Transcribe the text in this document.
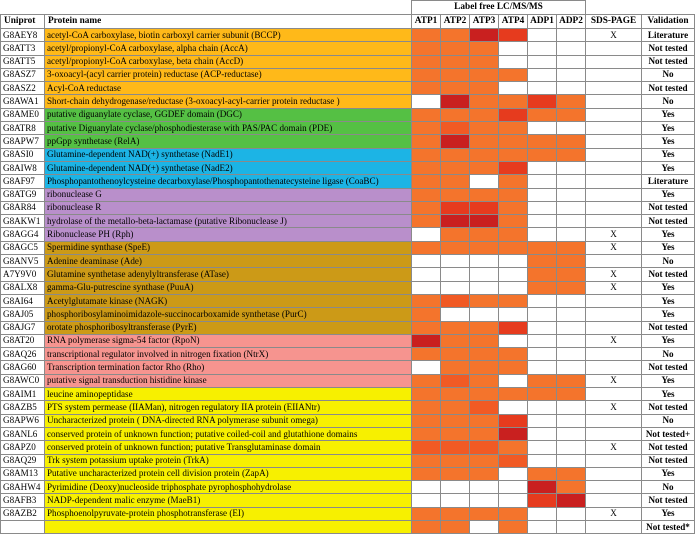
		Label free LC/MS/MS							
Uniprot	Protein name	ATP1	ATP2	ATP3	ATP4	ADP1	ADP2	SDS-PAGE	Validation
G8AEY8	acetyl-CoA carboxylase, biotin carboxyl carrier subunit (BCCP)							X	Literature
G8ATT3	acetyl/propionyl-CoA carboxylase, alpha chain (AccA)								Not tested
G8ATT5	acetyl/propionyl-CoA carboxylase, beta chain (AccD)								Not tested
G8ASZ7	3-oxoacyl-(acyl carrier protein) reductase (ACP-reductase)								No
G8ASZ2	Acyl-CoA reductase								Not tested
G8AWA1	Short-chain dehydrogenase/reductase (3-oxoacyl-acyl-carrier protein reductase )								No
G8AME0	putative diguanylate cyclase, GGDEF domain (DGC)								Yes
G8ATR8	putative Diguanylate cyclase/phosphodiesterase with PAS/PAC domain (PDE)								Yes
G8APW7	ppGpp synthetase (RelA)								Yes
G8ASI0	Glutamine-dependent NAD(+) synthetase (NadE1)								Yes
G8AIW8	Glutamine-dependent NAD(+) synthetase (NadE2)								Yes
G8AF97	Phosphopantothenoylcysteine decarboxylase/Phosphopantothenatecysteine ligase (CoaBC)								Literature
G8ATG9	ribonuclease G								Yes
G8AR84	ribonuclease R								Not tested
G8AKW1	hydrolase of the metallo-beta-lactamase (putative Ribonuclease J)								Not tested
G8AGG4	Ribonuclease PH (Rph)							X	Yes
G8AGC5	Spermidine synthase (SpeE)							X	Yes
G8ANV5	Adenine deaminase (Ade)								No
A7Y9V0	Glutamine synthetase adenylyltransferase (ATase)							X	Not tested
G8ALX8	gamma-Glu-putrescine synthase (PuuA)							X	Yes
G8AI64	Acetylglutamate kinase (NAGK)								Yes
G8AJ05	phosphoribosylaminoimidazole-succinocarboxamide synthetase (PurC)								Yes
G8AJG7	orotate phosphoribosyltransferase (PyrE)								Not tested
G8AT20	RNA polymerase sigma-54 factor (RpoN)							X	Yes
G8AQ26	transcriptional regulator involved in nitrogen fixation (NtrX)								No
G8AG60	Transcription termination factor Rho (Rho)								Not tested
G8AWC0	putative signal transduction histidine kinase							X	Yes
G8AIM1	leucine aminopeptidase								Yes
G8AZB5	PTS system permease (IIAMan), nitrogen regulatory IIA protein (EIIANtr)							X	Not tested
G8APW6	Uncharacterized protein ( DNA-directed RNA polymerase subunit omega)								No
G8ANL6	conserved protein of unknown function; putative coiled-coil and glutathione domains								Not tested+
G8APZ0	conserved protein of unknown function; putative Transglutaminase domain							X	Not tested
G8AQ29	Trk system potassium uptake protein (TrkA)								Not tested
G8AM13	Putative uncharacterized protein cell division protein (ZapA)								Yes
G8AHW4	Pyrimidine (Deoxy)nucleoside triphosphate pyrophosphohydrolase								No
G8AFB3	NADP-dependent malic enzyme (MaeB1)								Not tested
G8AZB2	Phosphoenolpyruvate-protein phosphotransferase (EI)							X	Yes
									Not tested*
